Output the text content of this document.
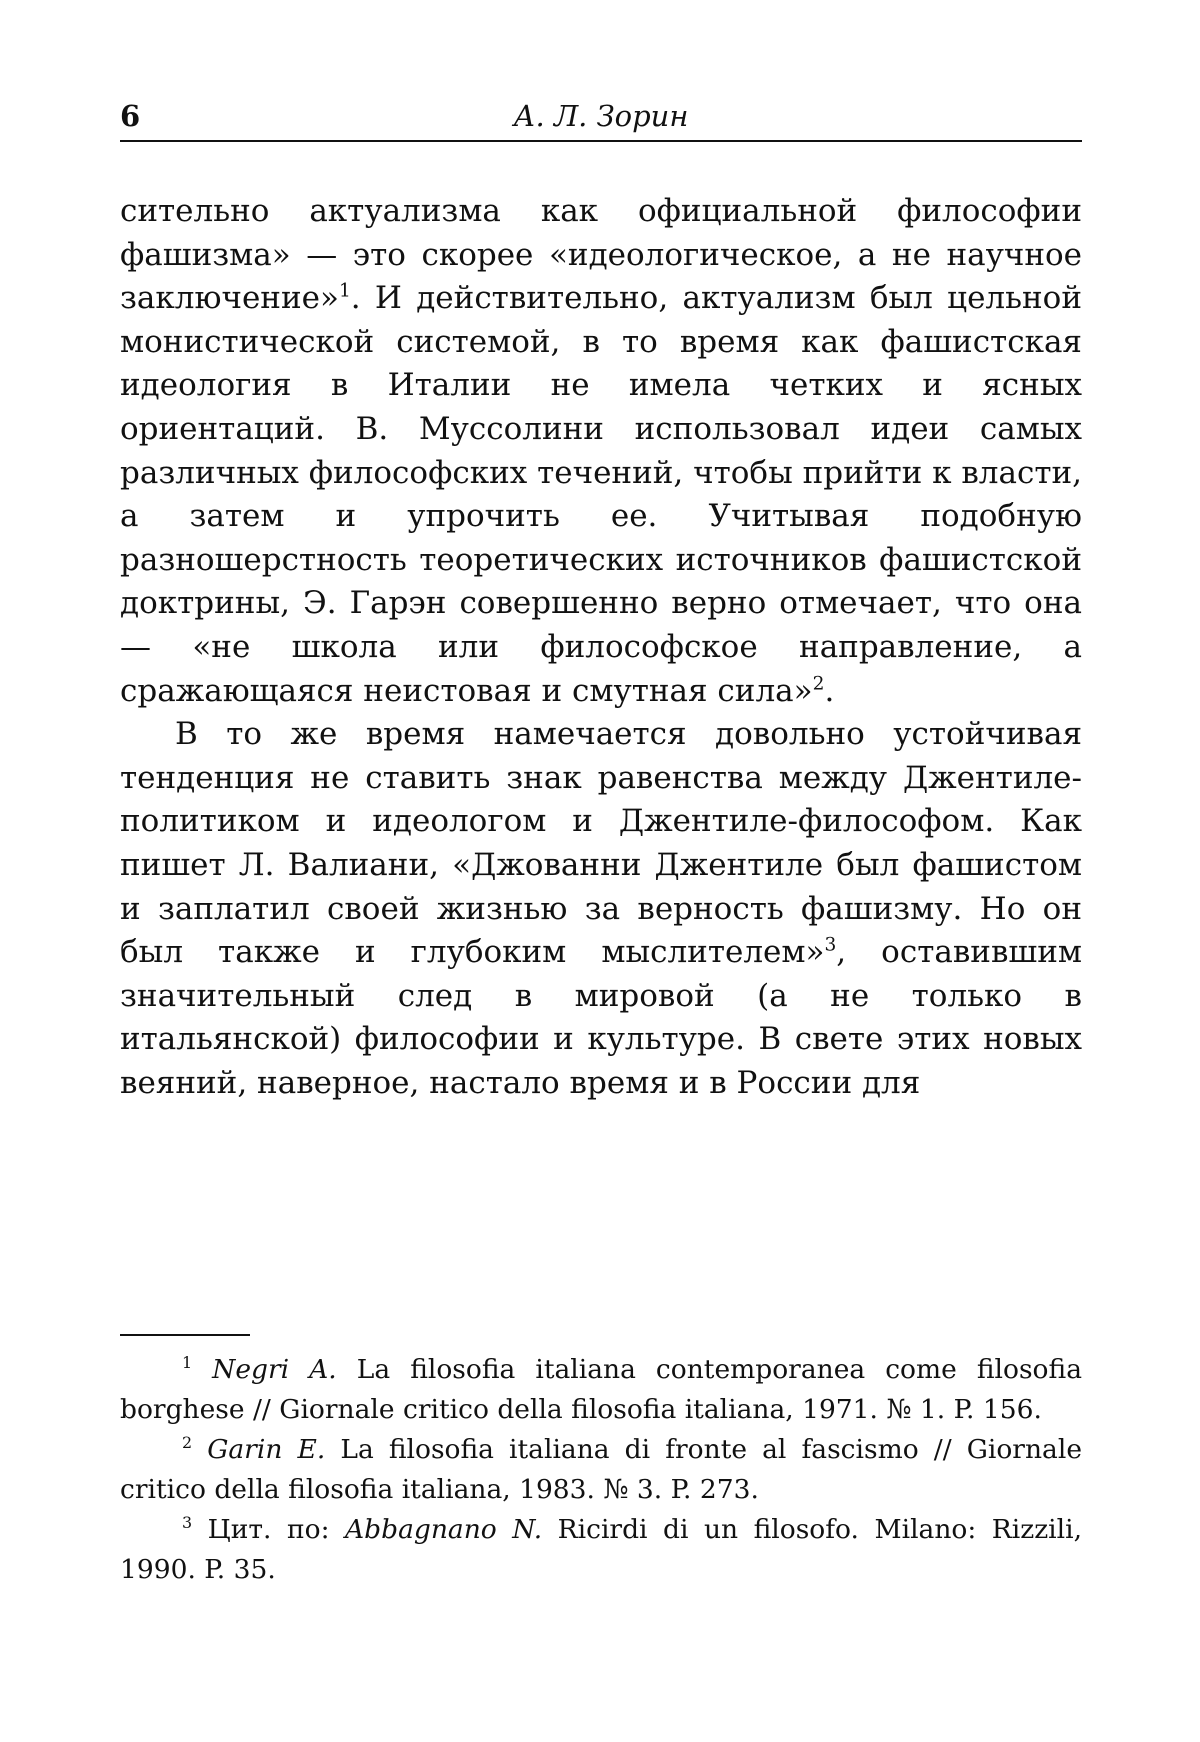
6	А. Л. Зорин

сительно актуализма как официальной философии фашизма» — это скорее «идеологическое, а не научное заключение»$^1$. И действительно, актуализм был цельной монистической системой, в то время как фашистская идеология в Италии не имела четких и ясных ориентаций. В. Муссолини использовал идеи самых различных философских течений, чтобы прийти к власти, а затем и упрочить ее. Учитывая подобную разношерстность теоретических источников фашистской доктрины, Э. Гарэн совершенно верно отмечает, что она — «не школа или философское направление, а сражающаяся неистовая и смутная сила»$^2$.

В то же время намечается довольно устойчивая тенденция не ставить знак равенства между Джентиле-политиком и идеологом и Джентиле-философом. Как пишет Л. Валиани, «Джованни Джентиле был фашистом и заплатил своей жизнью за верность фашизму. Но он был также и глубоким мыслителем»$^3$, оставившим значительный след в мировой (а не только в итальянской) философии и культуре. В свете этих новых веяний, наверное, настало время и в России для

$^1$ Negri A. La filosofia italiana contemporanea come filosofia borghese // Giornale critico della filosofia italiana, 1971. № 1. P. 156.

$^2$ Garin E. La filosofia italiana di fronte al fascismo // Giornale critico della filosofia italiana, 1983. № 3. P. 273.

$^3$ Цит. по: Abbagnano N. Ricirdi di un filosofo. Milano: Rizzili, 1990. P. 35.
